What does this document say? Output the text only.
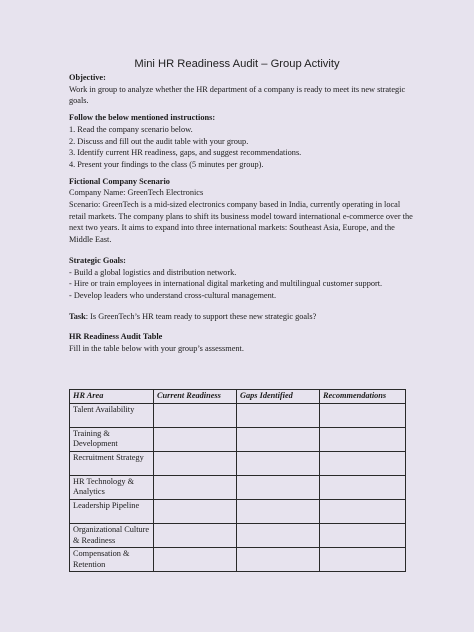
Mini HR Readiness Audit – Group Activity

Objective:

Work in group to analyze whether the HR department of a company is ready to meet its new strategic goals.

Follow the below mentioned instructions:

1. Read the company scenario below.

2. Discuss and fill out the audit table with your group.

3. Identify current HR readiness, gaps, and suggest recommendations.

4. Present your findings to the class (5 minutes per group).

Fictional Company Scenario

Company Name: GreenTech Electronics

Scenario: GreenTech is a mid-sized electronics company based in India, currently operating in local retail markets. The company plans to shift its business model toward international e-commerce over the next two years. It aims to expand into three international markets: Southeast Asia, Europe, and the Middle East.

Strategic Goals:

- Build a global logistics and distribution network.

- Hire or train employees in international digital marketing and multilingual customer support.

- Develop leaders who understand cross-cultural management.

Task: Is GreenTech’s HR team ready to support these new strategic goals?

HR Readiness Audit Table

Fill in the table below with your group’s assessment.

HR Area	Current Readiness	Gaps Identified	Recommendations
Talent Availability			
Training & Development			
Recruitment Strategy			
HR Technology & Analytics			
Leadership Pipeline			
Organizational Culture & Readiness			
Compensation & Retention			
